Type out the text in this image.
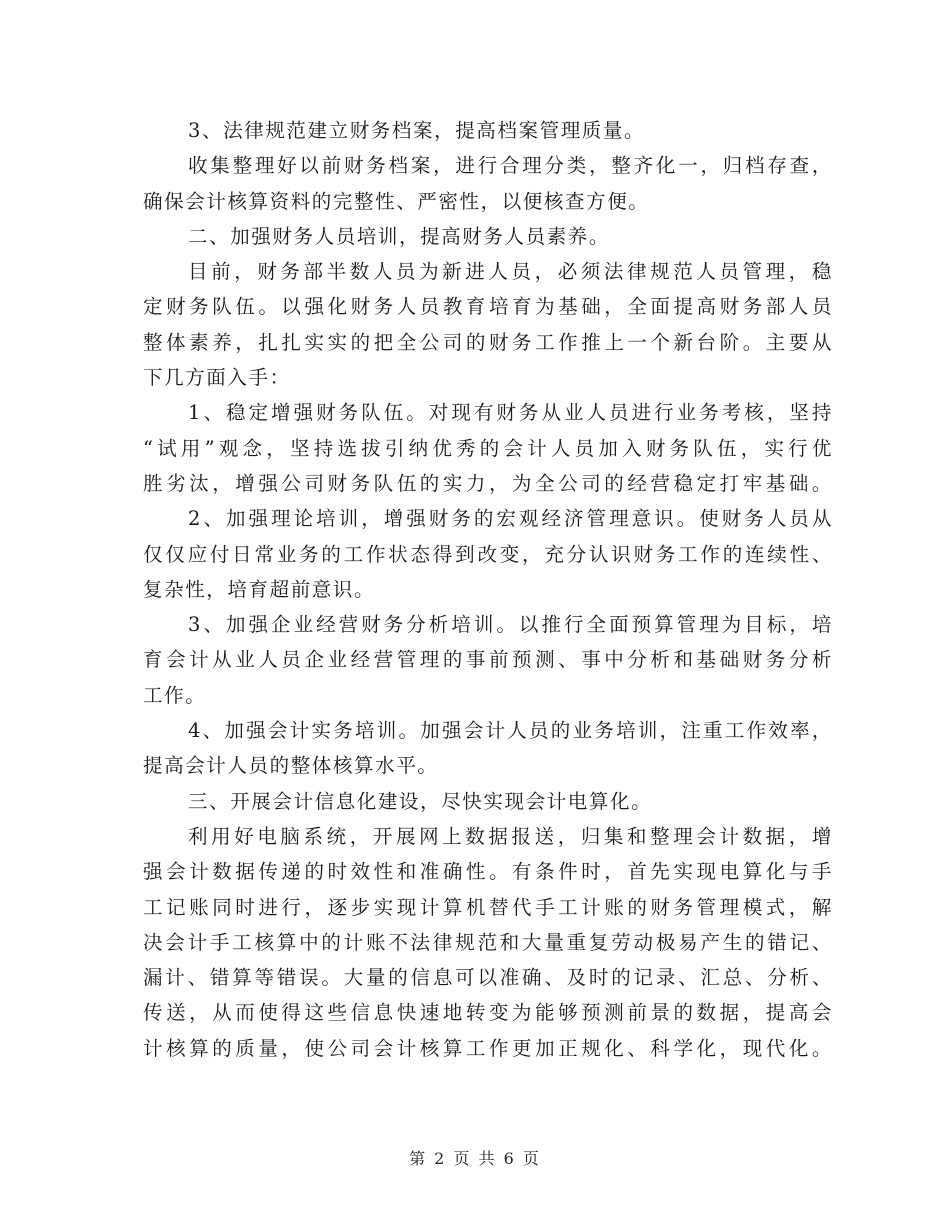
3、法律规范建立财务档案，提高档案管理质量。
收集整理好以前财务档案，进行合理分类，整齐化一，归档存查，
确保会计核算资料的完整性、严密性，以便核查方便。
二、加强财务人员培训，提高财务人员素养。
目前，财务部半数人员为新进人员，必须法律规范人员管理，稳
定财务队伍。以强化财务人员教育培育为基础，全面提高财务部人员
整体素养，扎扎实实的把全公司的财务工作推上一个新台阶。主要从
下几方面入手：
1、稳定增强财务队伍。对现有财务从业人员进行业务考核，坚持
“试用”观念，坚持选拔引纳优秀的会计人员加入财务队伍，实行优
胜劣汰，增强公司财务队伍的实力，为全公司的经营稳定打牢基础。
2、加强理论培训，增强财务的宏观经济管理意识。使财务人员从
仅仅应付日常业务的工作状态得到改变，充分认识财务工作的连续性、
复杂性，培育超前意识。
3、加强企业经营财务分析培训。以推行全面预算管理为目标，培
育会计从业人员企业经营管理的事前预测、事中分析和基础财务分析
工作。
4、加强会计实务培训。加强会计人员的业务培训，注重工作效率，
提高会计人员的整体核算水平。
三、开展会计信息化建设，尽快实现会计电算化。
利用好电脑系统，开展网上数据报送，归集和整理会计数据，增
强会计数据传递的时效性和准确性。有条件时，首先实现电算化与手
工记账同时进行，逐步实现计算机替代手工计账的财务管理模式，解
决会计手工核算中的计账不法律规范和大量重复劳动极易产生的错记、
漏计、错算等错误。大量的信息可以准确、及时的记录、汇总、分析、
传送，从而使得这些信息快速地转变为能够预测前景的数据，提高会
计核算的质量，使公司会计核算工作更加正规化、科学化，现代化。
第 2 页 共 6 页
